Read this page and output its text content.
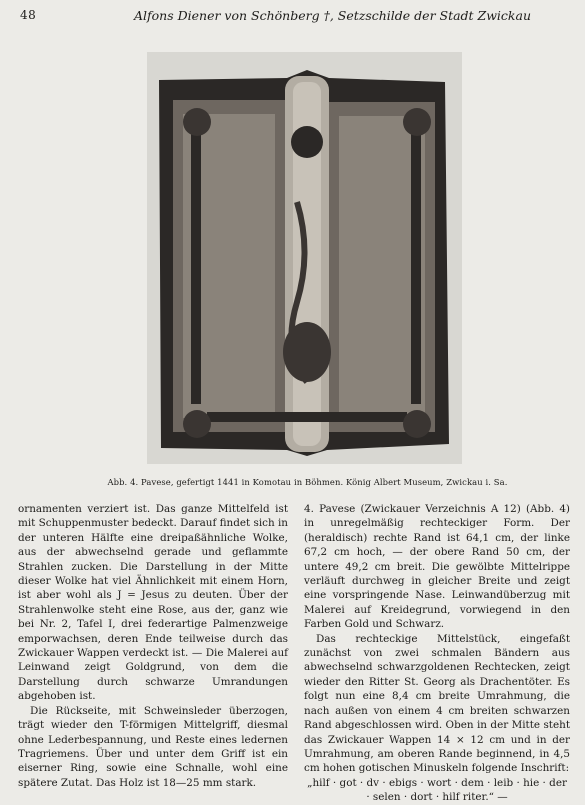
48	Alfons Diener von Schönberg †, Setzschilde der Stadt Zwickau
Abb. 4. Pavese, gefertigt 1441 in Komotau in Böhmen. König Albert Museum, Zwickau i. Sa.

ornamenten verziert ist. Das ganze Mittelfeld ist mit Schuppenmuster bedeckt. Darauf findet sich in der unteren Hälfte eine dreipaßähnliche Wolke, aus der abwechselnd gerade und geflammte Strahlen zucken. Die Darstellung in der Mitte dieser Wolke hat viel Ähnlichkeit mit einem Horn, ist aber wohl als J = Jesus zu deuten. Über der Strahlenwolke steht eine Rose, aus der, ganz wie bei Nr. 2, Tafel I, drei federartige Palmenzweige emporwachsen, deren Ende teilweise durch das Zwickauer Wappen verdeckt ist. — Die Malerei auf Leinwand zeigt Goldgrund, von dem die Darstellung durch schwarze Umrandungen abgehoben ist.

Die Rückseite, mit Schweinsleder überzogen, trägt wieder den T-förmigen Mittelgriff, diesmal ohne Lederbespannung, und Reste eines ledernen Tragriemens. Über und unter dem Griff ist ein eiserner Ring, sowie eine Schnalle, wohl eine spätere Zutat. Das Holz ist 18—25 mm stark.

4. Pavese (Zwickauer Verzeichnis A 12) (Abb. 4) in unregelmäßig rechteckiger Form. Der (heraldisch) rechte Rand ist 64,1 cm, der linke 67,2 cm hoch, — der obere Rand 50 cm, der untere 49,2 cm breit. Die gewölbte Mittelrippe verläuft durchweg in gleicher Breite und zeigt eine vorspringende Nase. Leinwandüberzug mit Malerei auf Kreidegrund, vorwiegend in den Farben Gold und Schwarz.

Das rechteckige Mittelstück, eingefaßt zunächst von zwei schmalen Bändern aus abwechselnd schwarzgoldenen Rechtecken, zeigt wieder den Ritter St. Georg als Drachentöter. Es folgt nun eine 8,4 cm breite Umrahmung, die nach außen von einem 4 cm breiten schwarzen Rand abgeschlossen wird. Oben in der Mitte steht das Zwickauer Wappen 14 × 12 cm und in der Umrahmung, am oberen Rande beginnend, in 4,5 cm hohen gotischen Minuskeln folgende Inschrift:

„hilf · got · dv · ebigs · wort · dem · leib · hie · der · selen · dort · hilf riter.“ —
